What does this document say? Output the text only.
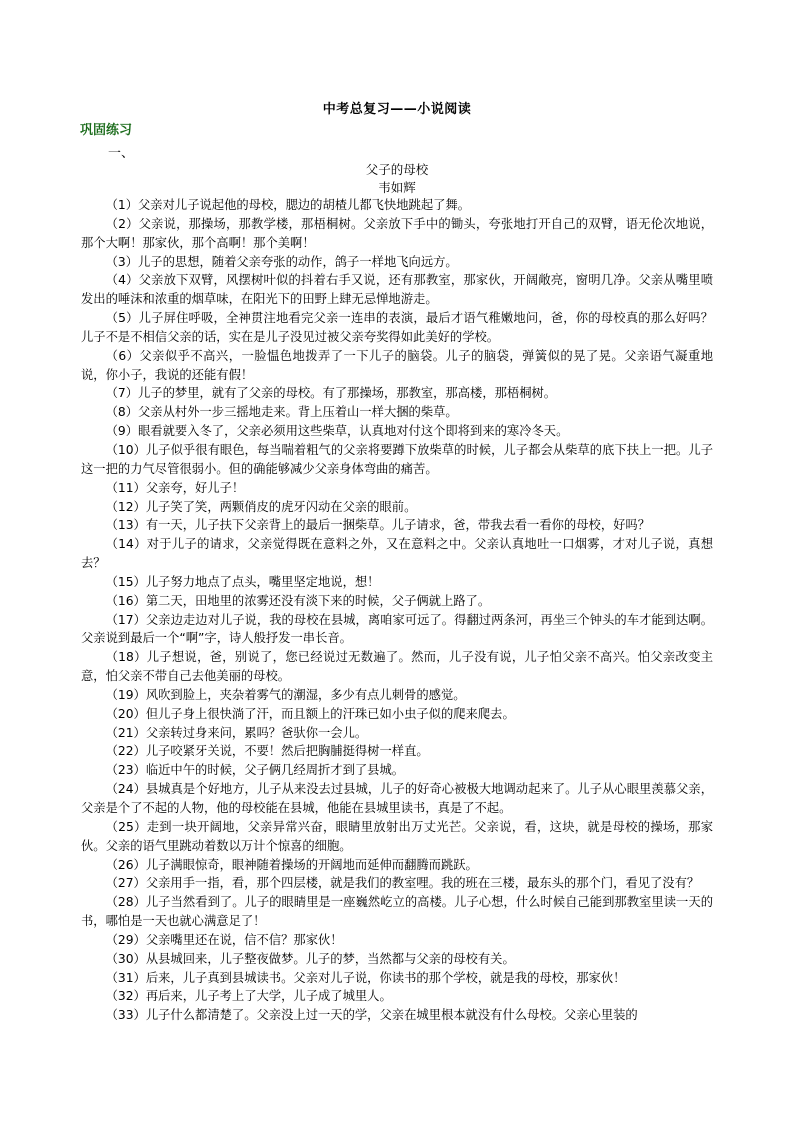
中考总复习——小说阅读
巩固练习
一、
父子的母校
韦如辉

（1）父亲对儿子说起他的母校，腮边的胡楂儿都飞快地跳起了舞。

（2）父亲说，那操场，那教学楼，那梧桐树。父亲放下手中的锄头，夸张地打开自己的双臂，语无伦次地说，那个大啊！那家伙，那个高啊！那个美啊！

（3）儿子的思想，随着父亲夸张的动作，鸽子一样地飞向远方。

（4）父亲放下双臂，风摆树叶似的抖着右手又说，还有那教室，那家伙，开阔敞亮，窗明几净。父亲从嘴里喷发出的唾沫和浓重的烟草味，在阳光下的田野上肆无忌惮地游走。

（5）儿子屏住呼吸，全神贯注地看完父亲一连串的表演，最后才语气稚嫩地问，爸，你的母校真的那么好吗？儿子不是不相信父亲的话，实在是儿子没见过被父亲夸奖得如此美好的学校。

（6）父亲似乎不高兴，一脸愠色地拨弄了一下儿子的脑袋。儿子的脑袋，弹簧似的晃了晃。父亲语气凝重地说，你小子，我说的还能有假！

（7）儿子的梦里，就有了父亲的母校。有了那操场，那教室，那高楼，那梧桐树。

（8）父亲从村外一步三摇地走来。背上压着山一样大捆的柴草。

（9）眼看就要入冬了，父亲必须用这些柴草，认真地对付这个即将到来的寒冷冬天。

（10）儿子似乎很有眼色，每当喘着粗气的父亲将要蹲下放柴草的时候，儿子都会从柴草的底下扶上一把。儿子这一把的力气尽管很弱小。但的确能够减少父亲身体弯曲的痛苦。

（11）父亲夸，好儿子！

（12）儿子笑了笑，两颗俏皮的虎牙闪动在父亲的眼前。

（13）有一天，儿子扶下父亲背上的最后一捆柴草。儿子请求，爸，带我去看一看你的母校，好吗？

（14）对于儿子的请求，父亲觉得既在意料之外，又在意料之中。父亲认真地吐一口烟雾，才对儿子说，真想去？

（15）儿子努力地点了点头，嘴里坚定地说，想！

（16）第二天，田地里的浓雾还没有淡下来的时候，父子俩就上路了。

（17）父亲边走边对儿子说，我的母校在县城，离咱家可远了。得翻过两条河，再坐三个钟头的车才能到达啊。父亲说到最后一个“啊”字，诗人般抒发一串长音。

（18）儿子想说，爸，别说了，您已经说过无数遍了。然而，儿子没有说，儿子怕父亲不高兴。怕父亲改变主意，怕父亲不带自己去他美丽的母校。

（19）风吹到脸上，夹杂着雾气的潮湿，多少有点儿刺骨的感觉。

（20）但儿子身上很快淌了汗，而且额上的汗珠已如小虫子似的爬来爬去。

（21）父亲转过身来问，累吗？爸驮你一会儿。

（22）儿子咬紧牙关说，不要！然后把胸脯挺得树一样直。

（23）临近中午的时候，父子俩几经周折才到了县城。

（24）县城真是个好地方，儿子从来没去过县城，儿子的好奇心被极大地调动起来了。儿子从心眼里羡慕父亲，父亲是个了不起的人物，他的母校能在县城，他能在县城里读书，真是了不起。

（25）走到一块开阔地，父亲异常兴奋，眼睛里放射出万丈光芒。父亲说，看，这块，就是母校的操场，那家伙。父亲的语气里跳动着数以万计个惊喜的细胞。

（26）儿子满眼惊奇，眼神随着操场的开阔地而延伸而翻腾而跳跃。

（27）父亲用手一指，看，那个四层楼，就是我们的教室哩。我的班在三楼，最东头的那个门，看见了没有？

（28）儿子当然看到了。儿子的眼睛里是一座巍然屹立的高楼。儿子心想，什么时候自己能到那教室里读一天的书，哪怕是一天也就心满意足了！

（29）父亲嘴里还在说，信不信？那家伙！

（30）从县城回来，儿子整夜做梦。儿子的梦，当然都与父亲的母校有关。

（31）后来，儿子真到县城读书。父亲对儿子说，你读书的那个学校，就是我的母校，那家伙！

（32）再后来，儿子考上了大学，儿子成了城里人。

（33）儿子什么都清楚了。父亲没上过一天的学，父亲在城里根本就没有什么母校。父亲心里装的
